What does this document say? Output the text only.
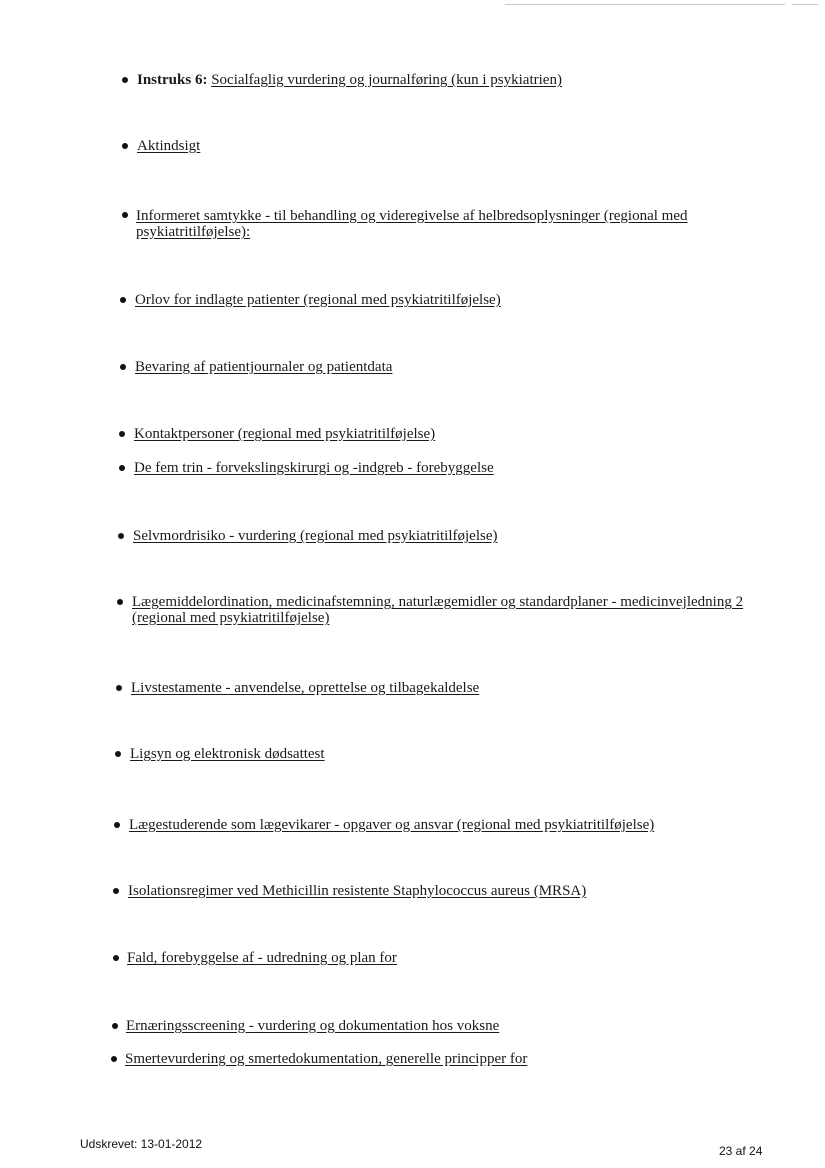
Instruks 6: Socialfaglig vurdering og journalføring (kun i psykiatrien)
Aktindsigt
Informeret samtykke - til behandling og videregivelse af helbredsoplysninger (regional med
psykiatritilføjelse):
Orlov for indlagte patienter (regional med psykiatritilføjelse)
Bevaring af patientjournaler og patientdata
Kontaktpersoner (regional med psykiatritilføjelse)
De fem trin - forvekslingskirurgi og -indgreb - forebyggelse
Selvmordrisiko - vurdering (regional med psykiatritilføjelse)
Lægemiddelordination, medicinafstemning, naturlægemidler og standardplaner - medicinvejledning 2
(regional med psykiatritilføjelse)
Livstestamente - anvendelse, oprettelse og tilbagekaldelse
Ligsyn og elektronisk dødsattest
Lægestuderende som lægevikarer - opgaver og ansvar (regional med psykiatritilføjelse)
Isolationsregimer ved Methicillin resistente Staphylococcus aureus (MRSA)
Fald, forebyggelse af - udredning og plan for
Ernæringsscreening - vurdering og dokumentation hos voksne
Smertevurdering og smertedokumentation, generelle principper for
Udskrevet: 13-01-2012	23 af 24
